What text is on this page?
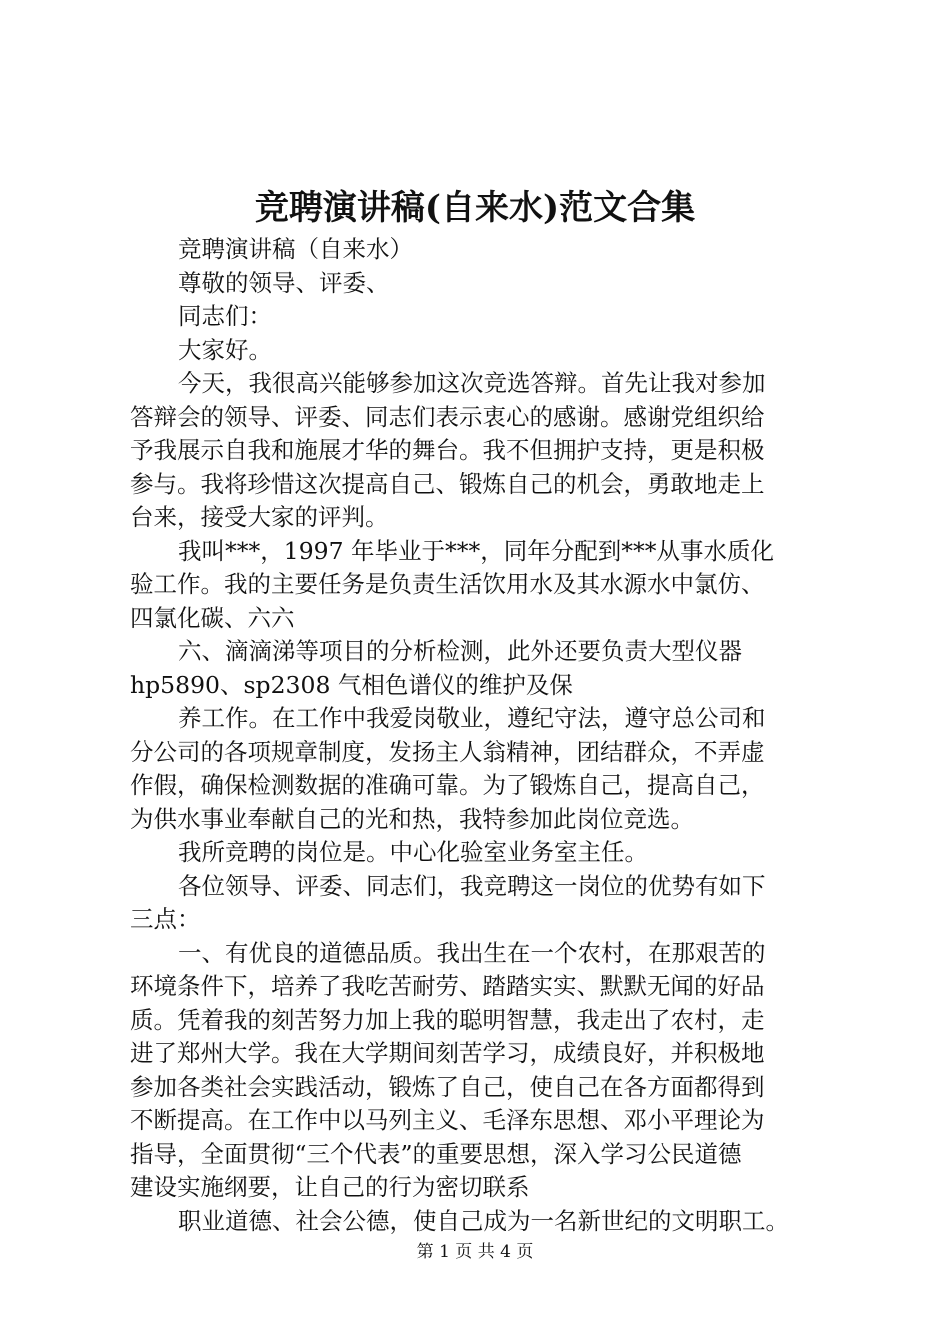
竞聘演讲稿(自来水)范文合集

竞聘演讲稿（自来水）

尊敬的领导、评委、

同志们：

大家好。

今天，我很高兴能够参加这次竞选答辩。首先让我对参加
答辩会的领导、评委、同志们表示衷心的感谢。感谢党组织给
予我展示自我和施展才华的舞台。我不但拥护支持，更是积极
参与。我将珍惜这次提高自己、锻炼自己的机会，勇敢地走上
台来，接受大家的评判。

我叫***，1997 年毕业于***，同年分配到***从事水质化
验工作。我的主要任务是负责生活饮用水及其水源水中氯仿、
四氯化碳、六六

六、滴滴涕等项目的分析检测，此外还要负责大型仪器
hp5890、sp2308 气相色谱仪的维护及保

养工作。在工作中我爱岗敬业，遵纪守法，遵守总公司和
分公司的各项规章制度，发扬主人翁精神，团结群众，不弄虚
作假，确保检测数据的准确可靠。为了锻炼自己，提高自己，
为供水事业奉献自己的光和热，我特参加此岗位竞选。

我所竞聘的岗位是。中心化验室业务室主任。

各位领导、评委、同志们，我竞聘这一岗位的优势有如下
三点：

一、有优良的道德品质。我出生在一个农村，在那艰苦的
环境条件下，培养了我吃苦耐劳、踏踏实实、默默无闻的好品
质。凭着我的刻苦努力加上我的聪明智慧，我走出了农村，走
进了郑州大学。我在大学期间刻苦学习，成绩良好，并积极地
参加各类社会实践活动，锻炼了自己，使自己在各方面都得到
不断提高。在工作中以马列主义、毛泽东思想、邓小平理论为
指导，全面贯彻“三个代表”的重要思想，深入学习公民道德
建设实施纲要，让自己的行为密切联系

职业道德、社会公德，使自己成为一名新世纪的文明职工。

第 1 页 共 4 页
